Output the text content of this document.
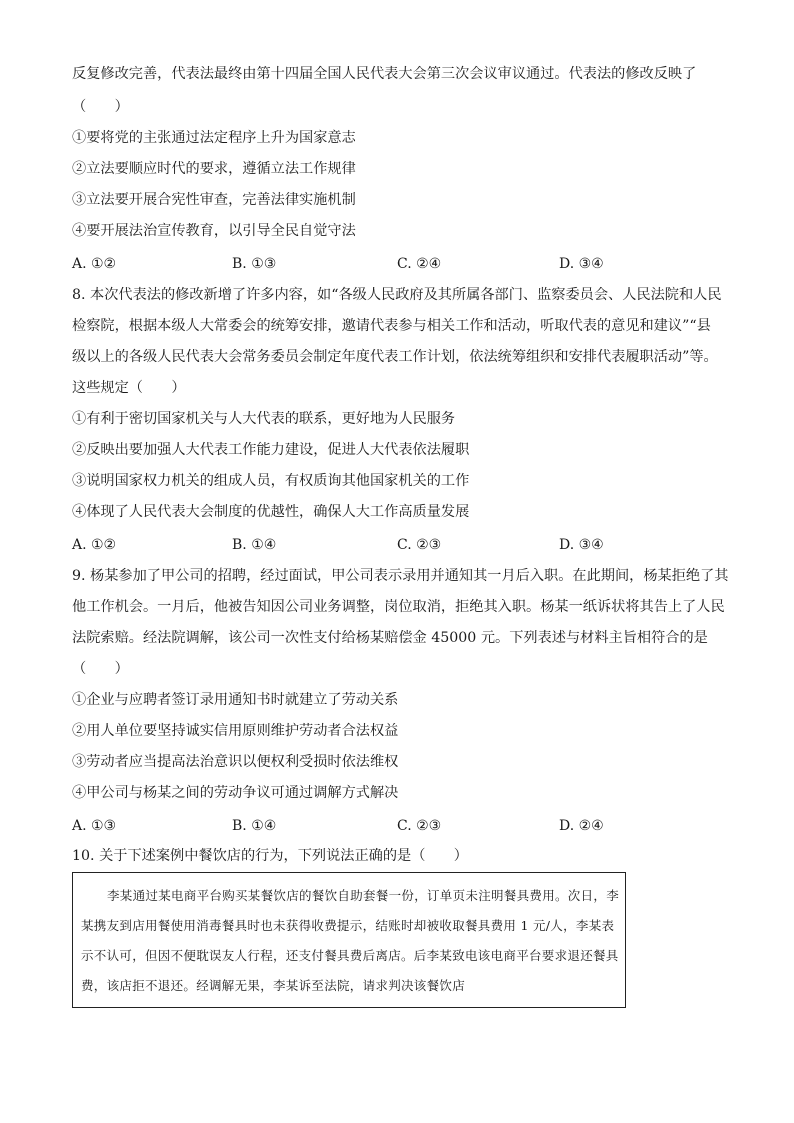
反复修改完善，代表法最终由第十四届全国人民代表大会第三次会议审议通过。代表法的修改反映了
（　　）
①要将党的主张通过法定程序上升为国家意志
②立法要顺应时代的要求，遵循立法工作规律
③立法要开展合宪性审查，完善法律实施机制
④要开展法治宣传教育，以引导全民自觉守法
A. ①②	B. ①③	C. ②④	D. ③④
8. 本次代表法的修改新增了许多内容，如“各级人民政府及其所属各部门、监察委员会、人民法院和人民
检察院，根据本级人大常委会的统筹安排，邀请代表参与相关工作和活动，听取代表的意见和建议”“县
级以上的各级人民代表大会常务委员会制定年度代表工作计划，依法统筹组织和安排代表履职活动”等。
这些规定（　　）
①有利于密切国家机关与人大代表的联系，更好地为人民服务
②反映出要加强人大代表工作能力建设，促进人大代表依法履职
③说明国家权力机关的组成人员，有权质询其他国家机关的工作
④体现了人民代表大会制度的优越性，确保人大工作高质量发展
A. ①②	B. ①④	C. ②③	D. ③④
9. 杨某参加了甲公司的招聘，经过面试，甲公司表示录用并通知其一月后入职。在此期间，杨某拒绝了其
他工作机会。一月后，他被告知因公司业务调整，岗位取消，拒绝其入职。杨某一纸诉状将其告上了人民
法院索赔。经法院调解，该公司一次性支付给杨某赔偿金 45000 元。下列表述与材料主旨相符合的是
（　　）
①企业与应聘者签订录用通知书时就建立了劳动关系
②用人单位要坚持诚实信用原则维护劳动者合法权益
③劳动者应当提高法治意识以便权利受损时依法维权
④甲公司与杨某之间的劳动争议可通过调解方式解决
A. ①③	B. ①④	C. ②③	D. ②④
10. 关于下述案例中餐饮店的行为，下列说法正确的是（　　）
李某通过某电商平台购买某餐饮店的餐饮自助套餐一份，订单页未注明餐具费用。次日，李某携友到店用餐使用消毒餐具时也未获得收费提示，结账时却被收取餐具费用 1 元/人，李某表示不认可，但因不便耽误友人行程，还支付餐具费后离店。后李某致电该电商平台要求退还餐具费，该店拒不退还。经调解无果，李某诉至法院，请求判决该餐饮店
